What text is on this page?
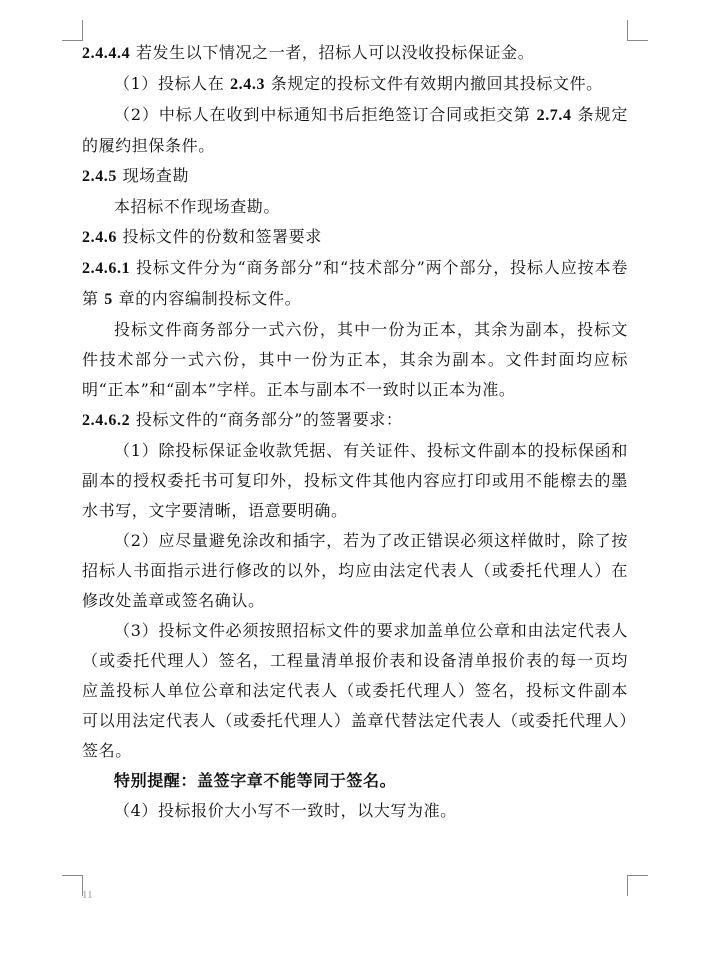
2.4.4.4 若发生以下情况之一者，招标人可以没收投标保证金。

（1）投标人在 2.4.3 条规定的投标文件有效期内撤回其投标文件。

（2）中标人在收到中标通知书后拒绝签订合同或拒交第 2.7.4 条规定的履约担保条件。

2.4.5 现场查勘

本招标不作现场查勘。

2.4.6 投标文件的份数和签署要求

2.4.6.1 投标文件分为“商务部分”和“技术部分”两个部分，投标人应按本卷第 5 章的内容编制投标文件。

投标文件商务部分一式六份，其中一份为正本，其余为副本，投标文件技术部分一式六份，其中一份为正本，其余为副本。文件封面均应标明“正本”和“副本”字样。正本与副本不一致时以正本为准。

2.4.6.2 投标文件的“商务部分”的签署要求：

（1）除投标保证金收款凭据、有关证件、投标文件副本的投标保函和副本的授权委托书可复印外，投标文件其他内容应打印或用不能檫去的墨水书写，文字要清晰，语意要明确。

（2）应尽量避免涂改和插字，若为了改正错误必须这样做时，除了按招标人书面指示进行修改的以外，均应由法定代表人（或委托代理人）在修改处盖章或签名确认。

（3）投标文件必须按照招标文件的要求加盖单位公章和由法定代表人（或委托代理人）签名，工程量清单报价表和设备清单报价表的每一页均应盖投标人单位公章和法定代表人（或委托代理人）签名，投标文件副本可以用法定代表人（或委托代理人）盖章代替法定代表人（或委托代理人）签名。

特别提醒：盖签字章不能等同于签名。

（4）投标报价大小写不一致时，以大写为准。

11
